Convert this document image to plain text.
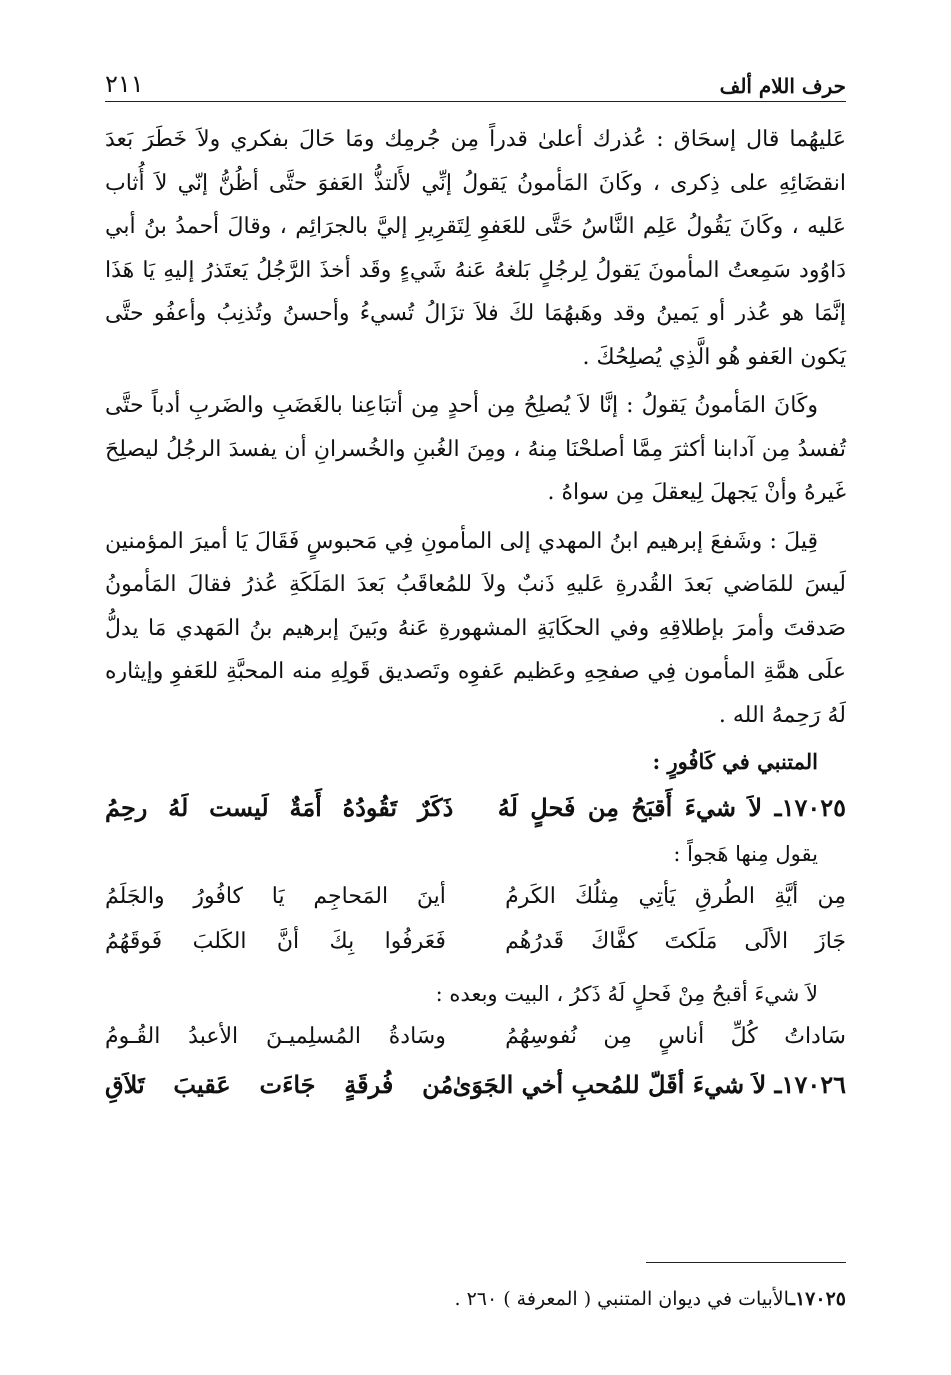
حرف اللام ألف
٢١١

عَليهُما قال إسحَاق : عُذرك أعلىٰ قدراً مِن جُرمِك ومَا حَالَ بفكري ولاَ خَطَرَ بَعدَ انقضَائِهِ على ذِكرى ، وكَانَ المَأمونُ يَقولُ إنِّي لأَلتذُّ العَفوَ حتَّى أظُنُّ إنّي لاَ أُثاب عَليه ، وكَانَ يَقُولُ عَلِم النَّاسُ حَتَّى للعَفوِ لِتَقرِيرِ إليَّ بالجرَائِم ، وقالَ أحمدُ بنُ أبي دَاوُود سَمِعتُ المأمونَ يَقولُ لِرجُلٍ بَلغهُ عَنهُ شَيءٍ وقَد أخذَ الرَّجُلُ يَعتَذرُ إليهِ يَا هَذَا إنَّمَا هو عُذر أو يَمينُ وقد وهَبهُمَا لكَ فلاَ تزَالُ تُسيءُ وأحسنُ وتُذنِبُ وأعفُو حتَّى يَكون العَفو هُو الَّذِي يُصلِحُكَ .

وكَانَ المَأمونُ يَقولُ : إنَّا لاَ يُصلِحُ مِن أحدٍ مِن أتبَاعِنا بالغَضَبِ والضَربِ أدباً حتَّى تُفسدُ مِن آدابنا أكثرَ مِمَّا أصلحْنَا مِنهُ ، ومِنَ الغُبنِ والخُسرانِ أن يفسدَ الرجُلُ ليصلِحَ غَيرهُ وأنْ يَجهلَ لِيعقلَ مِن سواهُ .

قِيلَ : وشَفعَ إبرهيم ابنُ المهدي إلى المأمونِ فِي مَحبوسٍ فَقَالَ يَا أميرَ المؤمنين لَيسَ للمَاضي بَعدَ القُدرةِ عَليهِ ذَنبٌ ولاَ للمُعاقَبُ بَعدَ المَلَكَةِ عُذرُ فقالَ المَأمونُ صَدقتَ وأمرَ بإطلاقِهِ وفي الحكَايَةِ المشهورةِ عَنهُ وبَينَ إبرهيم بنُ المَهدي مَا يدلُّ علَى همَّةِ المأمون فِي صفحِهِ وعَظيم عَفوِه وتَصديق قَولِهِ منه المحبَّةِ للعَفوِ وإيثاره لَهُ رَحِمهُ الله .

المتنبي في كَافُورٍ :
١٧٠٢٥ـ لاَ شيءَ أَقبَحُ مِن فَحلٍ لَهُ
ذَكَرٌ تَقُودُهُ أَمَةٌ لَيست لَهُ رحِمُ
يقول مِنها هَجواً :
مِن أيَّةِ الطُرقِ يَأتِي مِثلُكَ الكَرمُ
أينَ المَحاجِم يَا كافُورُ والجَلَمُ
جَازَ الألَى مَلَكتَ كفَّاكَ قَدرُهُم
فَعَرفُوا بِكَ أنَّ الكَلبَ فَوقَهُمُ
لاَ شيءَ أقبحُ مِنْ فَحلٍ لَهُ ذَكرُ ، البيت وبعده :
سَاداتُ كُلِّ أناسٍ مِن نُفوسِهُمُ
وسَادةُ المُسلِميـنَ الأعبدُ القُـومُ
١٧٠٢٦ـ لاَ شيءَ أقَلّ للمُحبِ أخي الجَوَىٰ
مُن فُرقَةٍ جَاءَت عَقيبَ تَلاَقِ
١٧٠٢٥ـالأبيات في ديوان المتنبي ( المعرفة ) ٢٦٠ .
